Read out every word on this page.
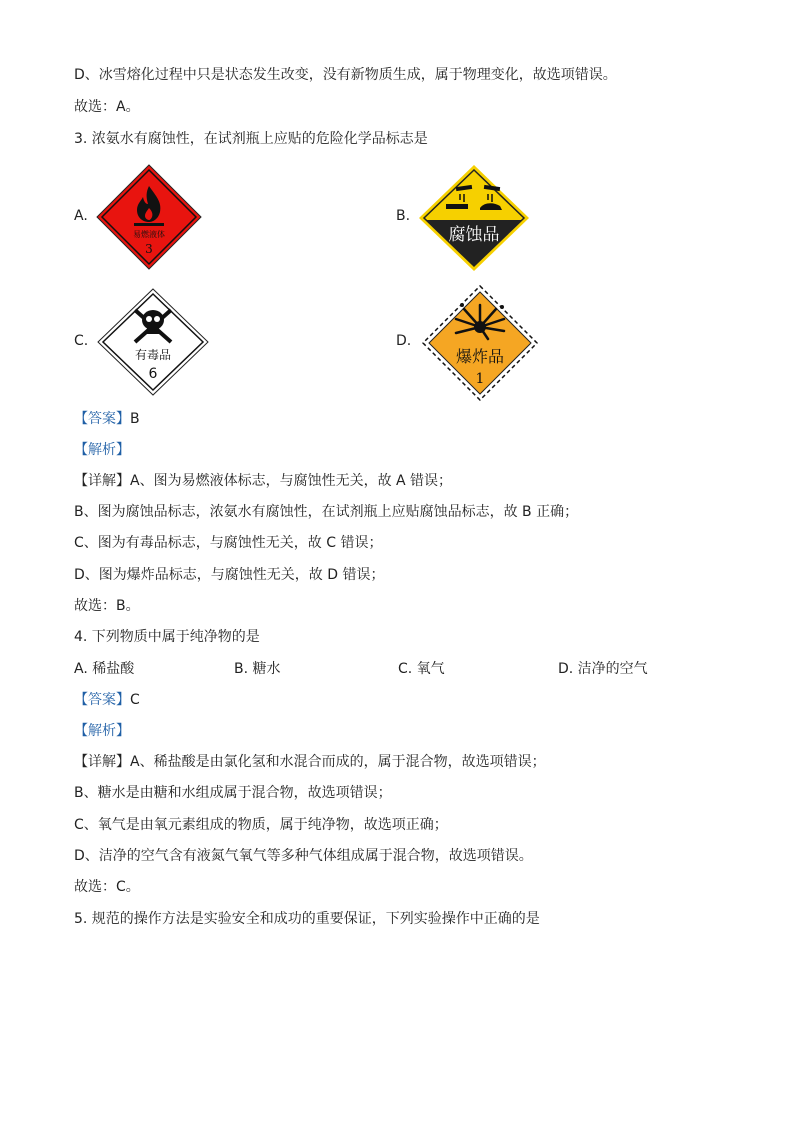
D、冰雪熔化过程中只是状态发生改变，没有新物质生成，属于物理变化，故选项错误。
故选：A。
3. 浓氨水有腐蚀性，在试剂瓶上应贴的危险化学品标志是
A.
易燃液体
3
B.
腐蚀品
C.
有毒品
6
D.
爆炸品
1
【答案】B
【解析】
【详解】A、图为易燃液体标志，与腐蚀性无关，故 A 错误；
B、图为腐蚀品标志，浓氨水有腐蚀性，在试剂瓶上应贴腐蚀品标志，故 B 正确；
C、图为有毒品标志，与腐蚀性无关，故 C 错误；
D、图为爆炸品标志，与腐蚀性无关，故 D 错误；
故选：B。
4. 下列物质中属于纯净物的是
A. 稀盐酸	B. 糖水	C. 氧气	D. 洁净的空气
【答案】C
【解析】
【详解】A、稀盐酸是由氯化氢和水混合而成的，属于混合物，故选项错误；
B、糖水是由糖和水组成属于混合物，故选项错误；
C、氧气是由氧元素组成的物质，属于纯净物，故选项正确；
D、洁净的空气含有液氮气氧气等多种气体组成属于混合物，故选项错误。
故选：C。
5. 规范的操作方法是实验安全和成功的重要保证，下列实验操作中正确的是
